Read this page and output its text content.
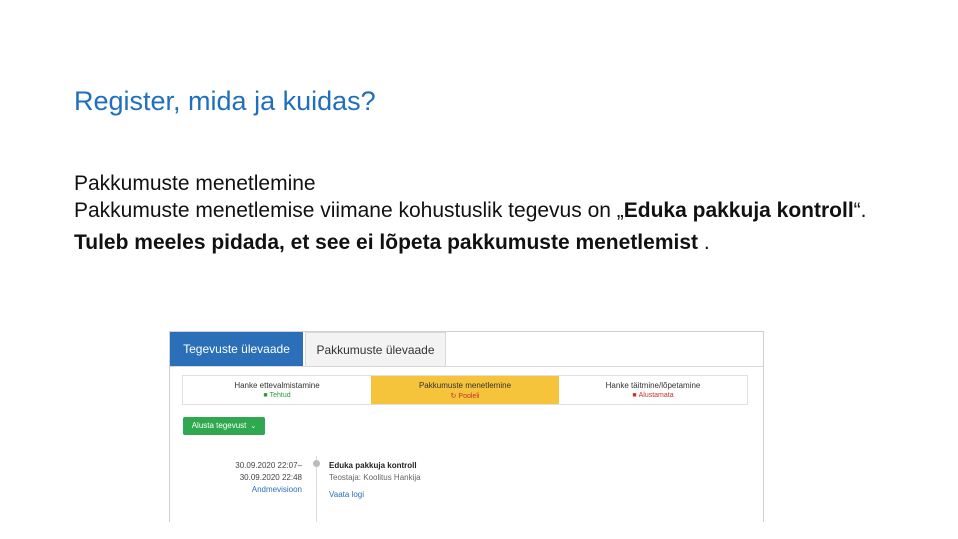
Register, mida ja kuidas?

Pakkumuste menetlemine

Pakkumuste menetlemise viimane kohustuslik tegevus on „Eduka pakkuja kontroll“.

Tuleb meeles pidada, et see ei lõpeta pakkumuste menetlemist .

Tegevuste ülevaade	Pakkumuste ülevaade
Hanke ettevalmistamine
■ Tehtud
Pakkumuste menetlemine
↻ Pooleli
Hanke täitmine/lõpetamine
■ Alustamata
Alusta tegevust ⌄
30.09.2020 22:07–
30.09.2020 22:48
Andmevisioon
Eduka pakkuja kontroll
Teostaja: Koolitus Hankija
Vaata logi
